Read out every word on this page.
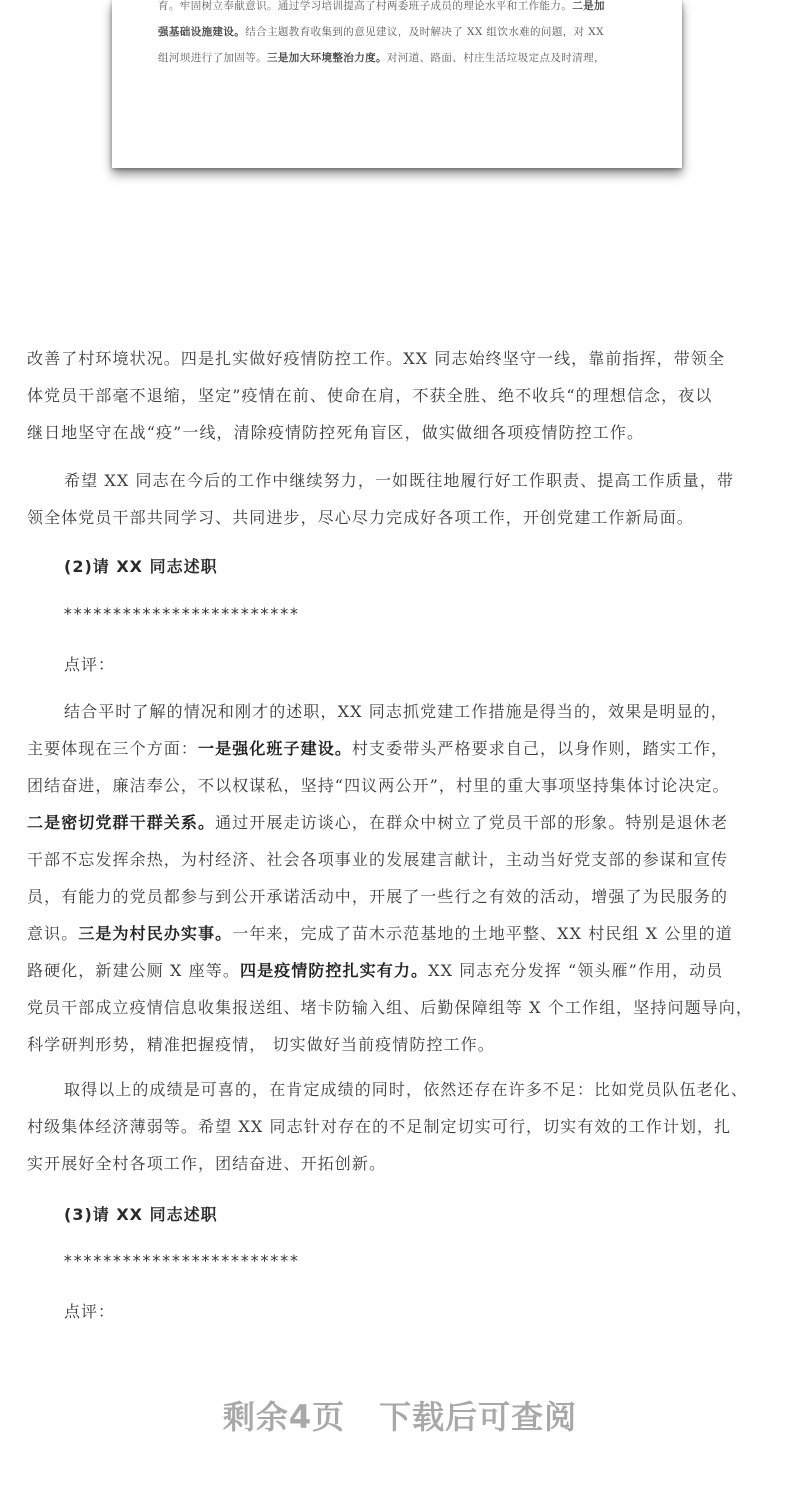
育。牢固树立奉献意识。通过学习培训提高了村两委班子成员的理论水平和工作能力。二是加
强基础设施建设。结合主题教育收集到的意见建议，及时解决了 XX 组饮水难的问题，对 XX
组河坝进行了加固等。三是加大环境整治力度。对河道、路面、村庄生活垃圾定点及时清理，
改善了村环境状况。四是扎实做好疫情防控工作。XX 同志始终坚守一线，靠前指挥，带领全
体党员干部毫不退缩，坚定”疫情在前、使命在肩，不获全胜、绝不收兵“的理想信念，夜以
继日地坚守在战“疫”一线，清除疫情防控死角盲区，做实做细各项疫情防控工作。
希望 XX 同志在今后的工作中继续努力，一如既往地履行好工作职责、提高工作质量，带
领全体党员干部共同学习、共同进步，尽心尽力完成好各项工作，开创党建工作新局面。
(2)请 XX 同志述职
************************
点评：
结合平时了解的情况和刚才的述职，XX 同志抓党建工作措施是得当的，效果是明显的，
主要体现在三个方面：一是强化班子建设。村支委带头严格要求自己，以身作则，踏实工作，
团结奋进，廉洁奉公，不以权谋私，坚持“四议两公开”，村里的重大事项坚持集体讨论决定。
二是密切党群干群关系。通过开展走访谈心，在群众中树立了党员干部的形象。特别是退休老
干部不忘发挥余热，为村经济、社会各项事业的发展建言献计，主动当好党支部的参谋和宣传
员，有能力的党员都参与到公开承诺活动中，开展了一些行之有效的活动，增强了为民服务的
意识。三是为村民办实事。一年来，完成了苗木示范基地的土地平整、XX 村民组 X 公里的道
路硬化，新建公厕 X 座等。四是疫情防控扎实有力。XX 同志充分发挥 “领头雁”作用，动员
党员干部成立疫情信息收集报送组、堵卡防输入组、后勤保障组等 X 个工作组，坚持问题导向，
科学研判形势，精准把握疫情， 切实做好当前疫情防控工作。
取得以上的成绩是可喜的，在肯定成绩的同时，依然还存在许多不足：比如党员队伍老化、
村级集体经济薄弱等。希望 XX 同志针对存在的不足制定切实可行，切实有效的工作计划，扎
实开展好全村各项工作，团结奋进、开拓创新。
(3)请 XX 同志述职
************************
点评：
剩余4页 下载后可查阅
